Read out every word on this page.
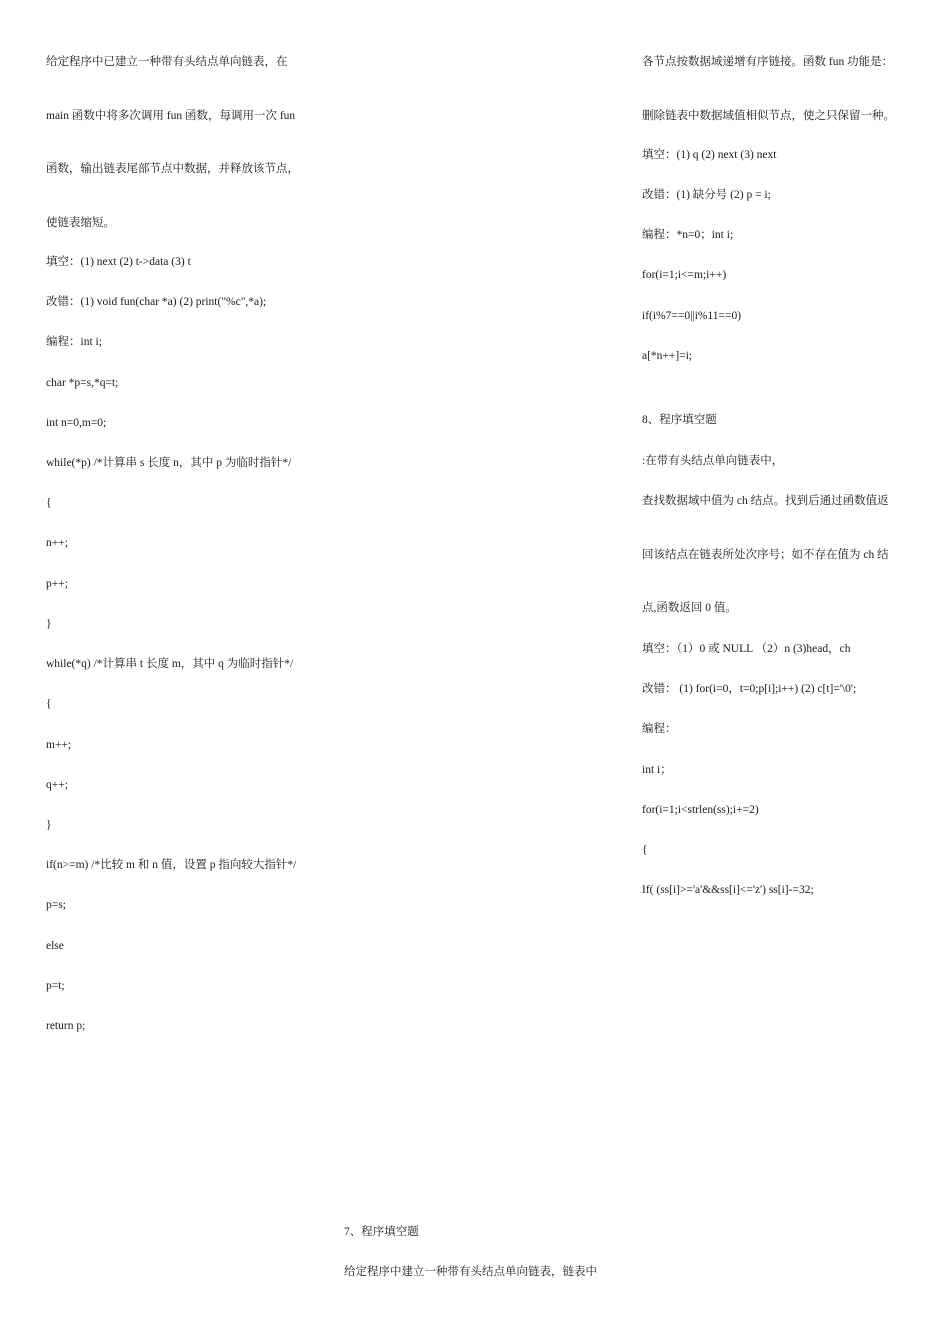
给定程序中已建立一种带有头结点单向链表，在
main 函数中将多次调用 fun 函数，每调用一次 fun
函数，输出链表尾部节点中数据，并释放该节点，
使链表缩短。
填空：(1) next (2) t->data (3) t
改错：(1) void fun(char *a) (2) print("%c",*a);
编程：int i;
char *p=s,*q=t;
int n=0,m=0;
while(*p) /*计算串 s 长度 n，其中 p 为临时指针*/
{
n++;
p++;
}
while(*q) /*计算串 t 长度 m，其中 q 为临时指针*/
{
m++;
q++;
}
if(n>=m) /*比较 m 和 n 值，设置 p 指向较大指针*/
p=s;
else
p=t;
return p;
各节点按数据域递增有序链接。函数 fun 功能是：
删除链表中数据域值相似节点，使之只保留一种。
填空：(1) q (2) next (3) next
改错：(1) 缺分号 (2) p = i;
编程：*n=0；int i;
for(i=1;i<=m;i++)
if(i%7==0||i%11==0)
a[*n++]=i;
8、程序填空题
:在带有头结点单向链表中，
查找数据域中值为 ch 结点。找到后通过函数值返
回该结点在链表所处次序号；如不存在值为 ch 结
点,函数返回 0 值。
填空：（1）0 或 NULL （2）n (3)head，ch
改错： (1) for(i=0，t=0;p[i];i++) (2) c[t]='\0';
编程：
int i；
for(i=1;i<strlen(ss);i+=2)
{
If( (ss[i]>='a'&&ss[i]<='z') ss[i]-=32;
7、程序填空题
给定程序中建立一种带有头结点单向链表，链表中
